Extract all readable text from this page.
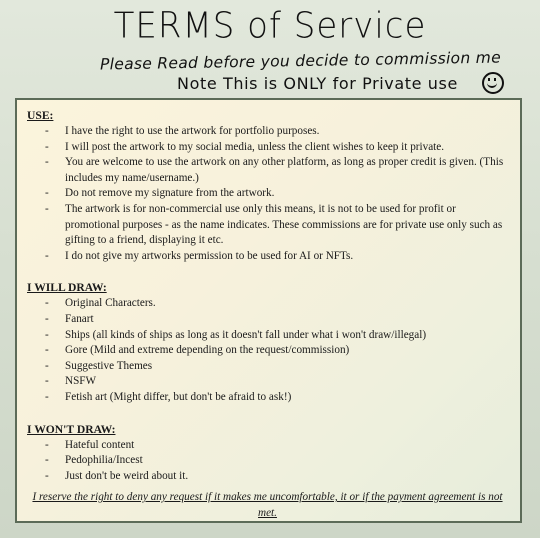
TERMS of Service
Please Read before you decide to commission me
Note This is ONLY for Private use
USE:
- I have the right to use the artwork for portfolio purposes.
- I will post the artwork to my social media, unless the client wishes to keep it private.
- You are welcome to use the artwork on any other platform, as long as proper credit is given. (This includes my name/username.)
- Do not remove my signature from the artwork.
- The artwork is for non-commercial use only this means, it is not to be used for profit or promotional purposes - as the name indicates. These commissions are for private use only such as gifting to a friend, displaying it etc.
- I do not give my artworks permission to be used for AI or NFTs.
I WILL DRAW:
- Original Characters.
- Fanart
- Ships (all kinds of ships as long as it doesn't fall under what i won't draw/illegal)
- Gore (Mild and extreme depending on the request/commission)
- Suggestive Themes
- NSFW
- Fetish art (Might differ, but don't be afraid to ask!)
I WON'T DRAW:
- Hateful content
- Pedophilia/Incest
- Just don't be weird about it.
I reserve the right to deny any request if it makes me uncomfortable, it or if the payment agreement is not met.
